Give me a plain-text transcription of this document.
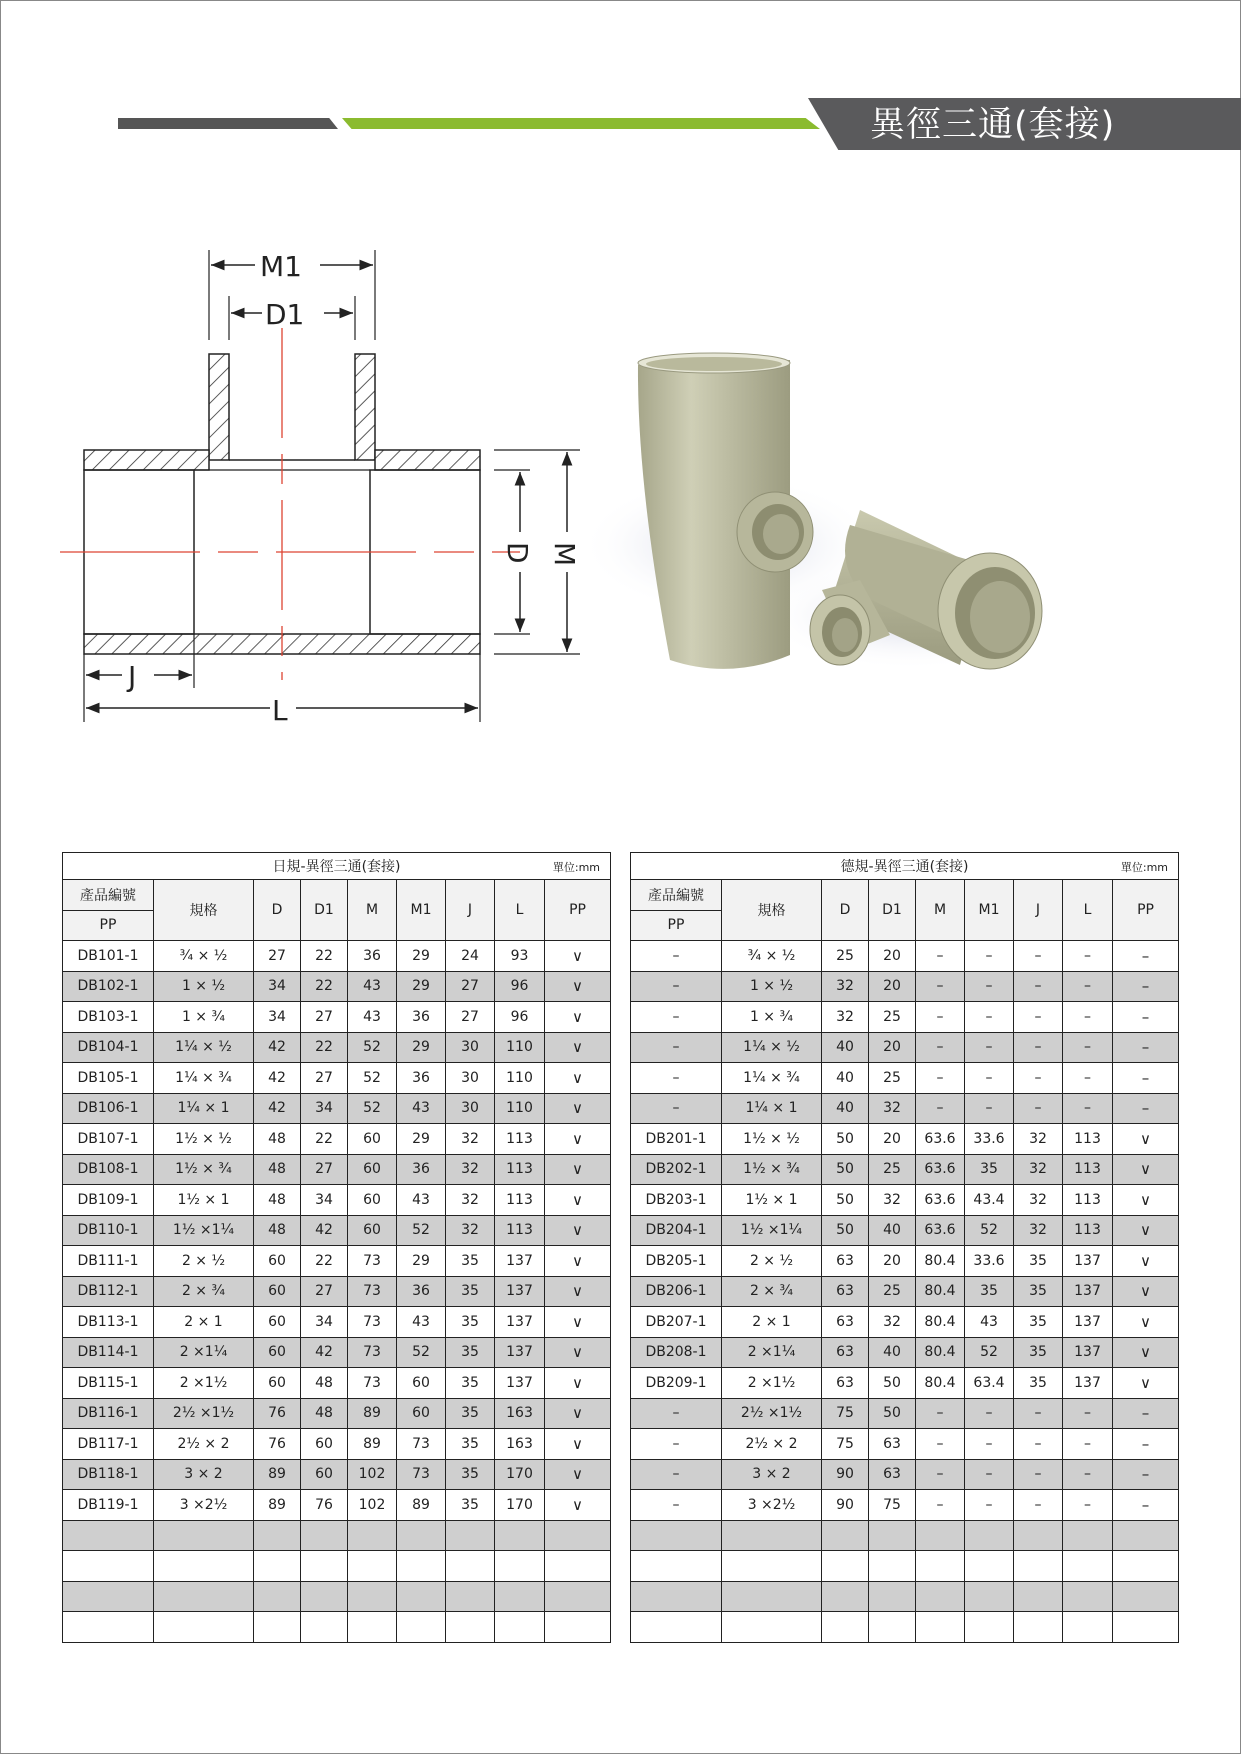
異徑三通(套接)
M1
D1
D M
J
L
日規-異徑三通(套接) 單位:mm								

產品編號	規格	D	D1	M	M1	J	L	PP
PP								
DB101-1	¾ × ½	27	22	36	29	24	93	∨
DB102-1	1 × ½	34	22	43	29	27	96	∨
DB103-1	1 × ¾	34	27	43	36	27	96	∨
DB104-1	1¼ × ½	42	22	52	29	30	110	∨
DB105-1	1¼ × ¾	42	27	52	36	30	110	∨
DB106-1	1¼ × 1	42	34	52	43	30	110	∨
DB107-1	1½ × ½	48	22	60	29	32	113	∨
DB108-1	1½ × ¾	48	27	60	36	32	113	∨
DB109-1	1½ × 1	48	34	60	43	32	113	∨
DB110-1	1½ ×1¼	48	42	60	52	32	113	∨
DB111-1	2 × ½	60	22	73	29	35	137	∨
DB112-1	2 × ¾	60	27	73	36	35	137	∨
DB113-1	2 × 1	60	34	73	43	35	137	∨
DB114-1	2 ×1¼	60	42	73	52	35	137	∨
DB115-1	2 ×1½	60	48	73	60	35	137	∨
DB116-1	2½ ×1½	76	48	89	60	35	163	∨
DB117-1	2½ × 2	76	60	89	73	35	163	∨
DB118-1	3 × 2	89	60	102	73	35	170	∨
DB119-1	3 ×2½	89	76	102	89	35	170	∨

德規-異徑三通(套接) 單位:mm								

產品編號	規格	D	D1	M	M1	J	L	PP
PP								
–	¾ × ½	25	20	–	–	–	–	–
–	1 × ½	32	20	–	–	–	–	–
–	1 × ¾	32	25	–	–	–	–	–
–	1¼ × ½	40	20	–	–	–	–	–
–	1¼ × ¾	40	25	–	–	–	–	–
–	1¼ × 1	40	32	–	–	–	–	–
DB201-1	1½ × ½	50	20	63.6	33.6	32	113	∨
DB202-1	1½ × ¾	50	25	63.6	35	32	113	∨
DB203-1	1½ × 1	50	32	63.6	43.4	32	113	∨
DB204-1	1½ ×1¼	50	40	63.6	52	32	113	∨
DB205-1	2 × ½	63	20	80.4	33.6	35	137	∨
DB206-1	2 × ¾	63	25	80.4	35	35	137	∨
DB207-1	2 × 1	63	32	80.4	43	35	137	∨
DB208-1	2 ×1¼	63	40	80.4	52	35	137	∨
DB209-1	2 ×1½	63	50	80.4	63.4	35	137	∨
–	2½ ×1½	75	50	–	–	–	–	–
–	2½ × 2	75	63	–	–	–	–	–
–	3 × 2	90	63	–	–	–	–	–
–	3 ×2½	90	75	–	–	–	–	–
